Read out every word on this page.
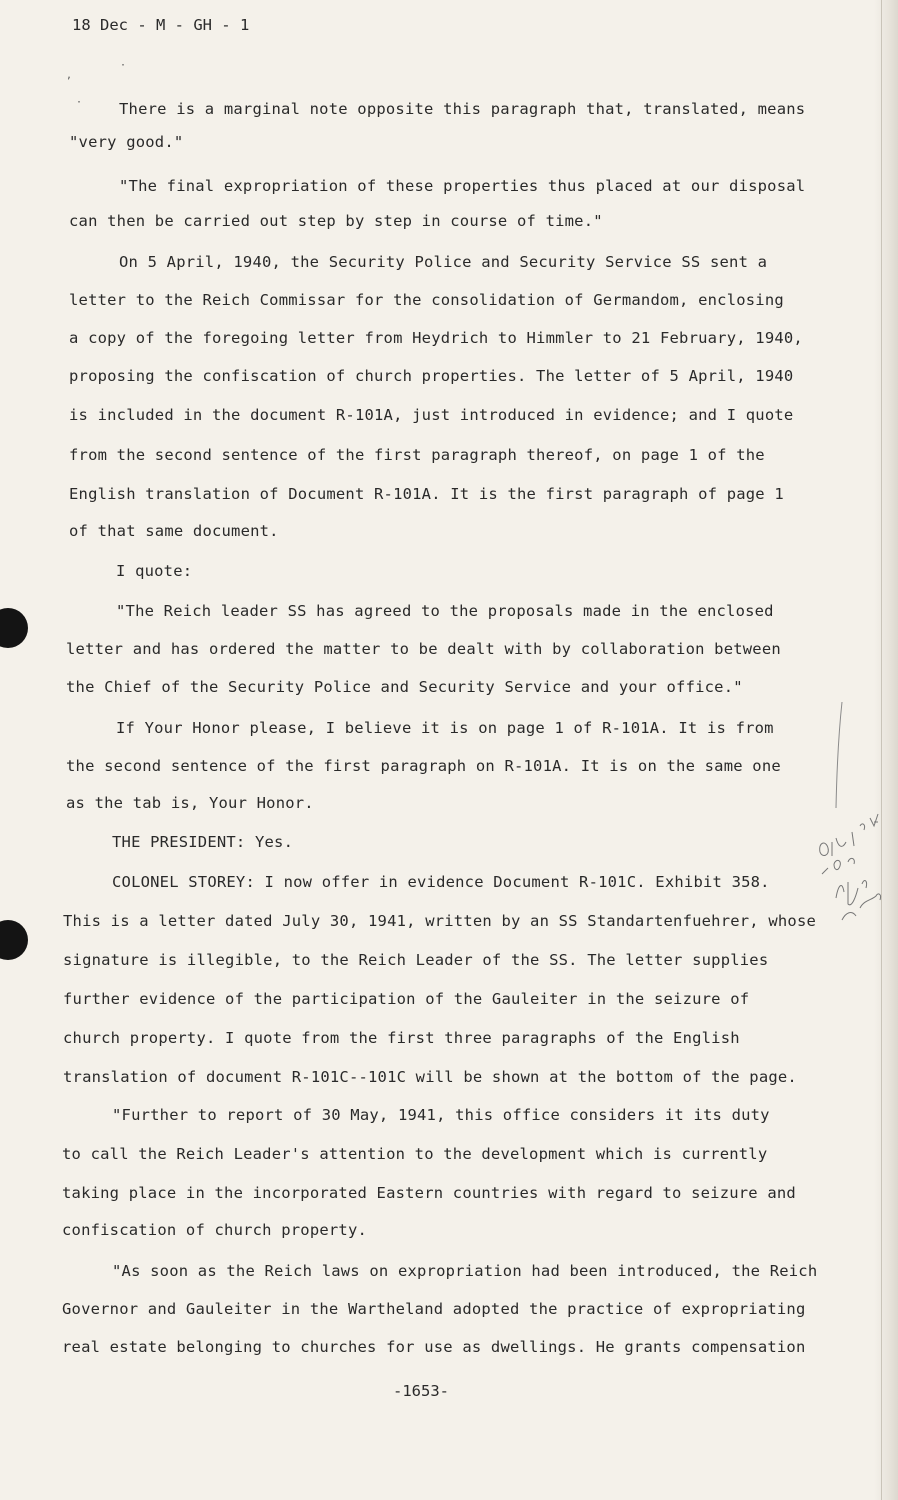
18 Dec - M - GH - 1
,
·
· There is a marginal note opposite this paragraph that, translated, means
"very good."
"The final expropriation of these properties thus placed at our disposal
can then be carried out step by step in course of time."
On 5 April, 1940, the Security Police and Security Service SS sent a
letter to the Reich Commissar for the consolidation of Germandom, enclosing
a copy of the foregoing letter from Heydrich to Himmler to 21 February, 1940,
proposing the confiscation of church properties. The letter of 5 April, 1940
is included in the document R-101A, just introduced in evidence; and I quote
from the second sentence of the first paragraph thereof, on page 1 of the
English translation of Document R-101A. It is the first paragraph of page 1
of that same document.
I quote:
"The Reich leader SS has agreed to the proposals made in the enclosed
letter and has ordered the matter to be dealt with by collaboration between
the Chief of the Security Police and Security Service and your office."
If Your Honor please, I believe it is on page 1 of R-101A. It is from
the second sentence of the first paragraph on R-101A. It is on the same one
as the tab is, Your Honor.
THE PRESIDENT: Yes.
COLONEL STOREY: I now offer in evidence Document R-101C. Exhibit 358.
This is a letter dated July 30, 1941, written by an SS Standartenfuehrer, whose
signature is illegible, to the Reich Leader of the SS. The letter supplies
further evidence of the participation of the Gauleiter in the seizure of
church property. I quote from the first three paragraphs of the English
translation of document R-101C--101C will be shown at the bottom of the page.
"Further to report of 30 May, 1941, this office considers it its duty
to call the Reich Leader's attention to the development which is currently
taking place in the incorporated Eastern countries with regard to seizure and
confiscation of church property.
"As soon as the Reich laws on expropriation had been introduced, the Reich
Governor and Gauleiter in the Wartheland adopted the practice of expropriating
real estate belonging to churches for use as dwellings. He grants compensation
-1653-
